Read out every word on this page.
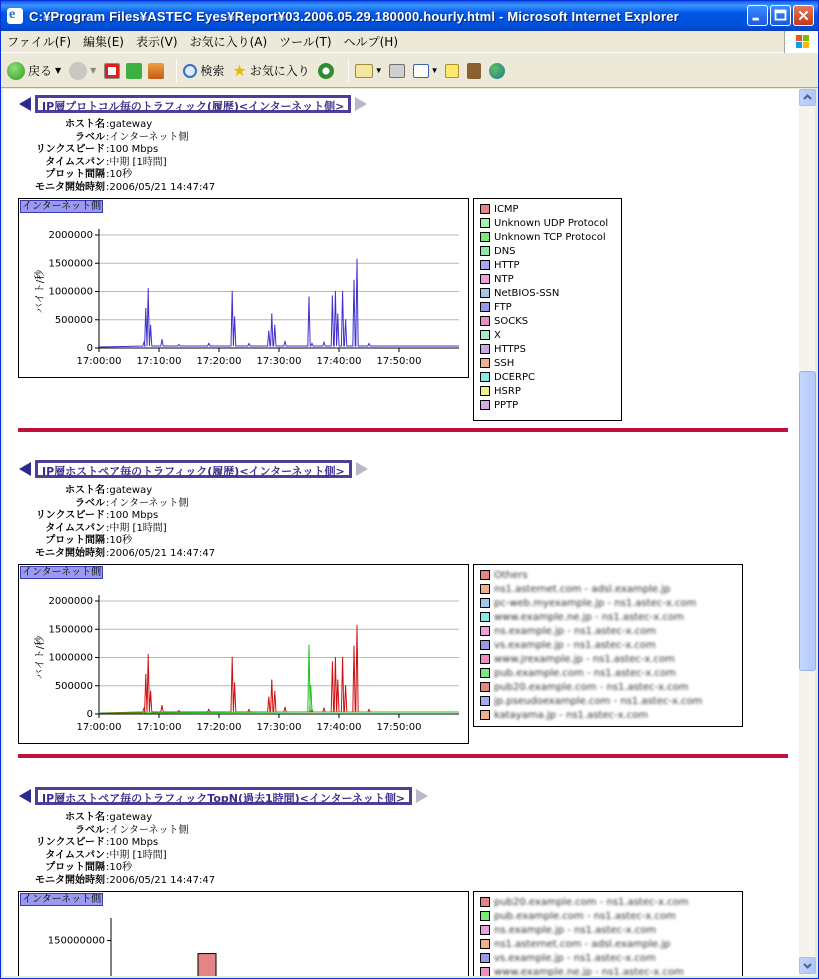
e C:¥Program Files¥ASTEC Eyes¥Report¥03.2006.05.29.180000.hourly.html - Microsoft Internet Explorer
ファイル(F)	編集(E)	表示(V)	お気に入り(A)	ツール(T)	ヘルプ(H)
戻る ▼	▼	検索 ★ お気に入り	▼	▼
IP層プロトコル毎のトラフィック(履歴)<インターネット側>
ホスト名 :gateway
ラベル :インターネット側
リンクスピード :100 Mbps
タイムスパン :中期 [1時間]
プロット間隔 :10秒
モニタ開始時刻 :2006/05/21 14:47:47
0
500000
1000000
1500000
2000000
17:00:00 17:10:00 17:20:00 17:30:00 17:40:00 17:50:00
バイト/秒
インターネット側	ICMP
Unknown UDP Protocol
Unknown TCP Protocol
DNS
HTTP
NTP
NetBIOS-SSN
FTP
SOCKS
X
HTTPS
SSH
DCERPC
HSRP
PPTP
IP層ホストペア毎のトラフィック(履歴)<インターネット側>
ホスト名 :gateway
ラベル :インターネット側
リンクスピード :100 Mbps
タイムスパン :中期 [1時間]
プロット間隔 :10秒
モニタ開始時刻 :2006/05/21 14:47:47
0
500000
1000000
1500000
2000000
17:00:00 17:10:00 17:20:00 17:30:00 17:40:00 17:50:00
バイト/秒
インターネット側	Others
ns1.asternet.com - adsl.example.jp
pc-web.myexample.jp - ns1.astec-x.com
www.example.ne.jp - ns1.astec-x.com
ns.example.jp - ns1.astec-x.com
vs.example.jp - ns1.astec-x.com
www.jrexample.jp - ns1.astec-x.com
pub.example.com - ns1.astec-x.com
pub20.example.com - ns1.astec-x.com
jp.pseudoexample.com - ns1.astec-x.com
katayama.jp - ns1.astec-x.com
IP層ホストペア毎のトラフィックTopN(過去1時間)<インターネット側>
ホスト名 :gateway
ラベル :インターネット側
リンクスピード :100 Mbps
タイムスパン :中期 [1時間]
プロット間隔 :10秒
モニタ開始時刻 :2006/05/21 14:47:47
150000000
インターネット側	pub20.example.com - ns1.astec-x.com
pub.example.com - ns1.astec-x.com
ns.example.jp - ns1.astec-x.com
ns1.asternet.com - adsl.example.jp
vs.example.jp - ns1.astec-x.com
www.example.ne.jp - ns1.astec-x.com
